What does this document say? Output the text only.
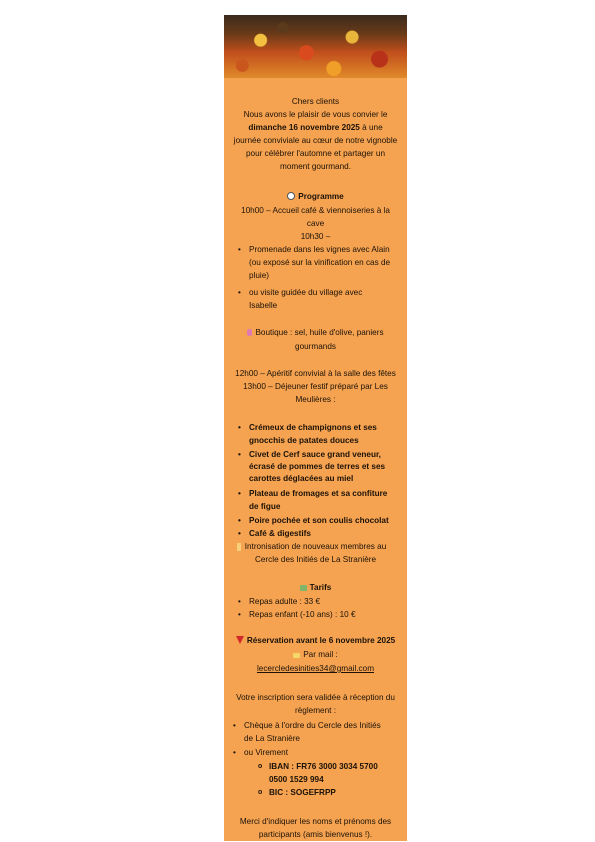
Chers clients
Nous avons le plaisir de vous convier le
dimanche 16 novembre 2025 à une
journée conviviale au cœur de notre vignoble
pour célébrer l'automne et partager un
moment gourmand.
Programme
10h00 – Accueil café & viennoiseries à la
cave
10h30 –
• Promenade dans les vignes avec Alain
(ou exposé sur la vinification en cas de
pluie)
• ou visite guidée du village avec
Isabelle
Boutique : sel, huile d'olive, paniers
gourmands
12h00 – Apéritif convivial à la salle des fêtes
13h00 – Déjeuner festif préparé par Les
Meulières :
• Crémeux de champignons et ses
gnocchis de patates douces
• Civet de Cerf sauce grand veneur,
écrasé de pommes de terres et ses
carottes déglacées au miel
• Plateau de fromages et sa confiture
de figue
• Poire pochée et son coulis chocolat
• Café & digestifs
Intronisation de nouveaux membres au
Cercle des Initiés de La Stranière
Tarifs
• Repas adulte : 33 €
• Repas enfant (-10 ans) : 10 €
Réservation avant le 6 novembre 2025
Par mail :
lecercledesinities34@gmail.com
Votre inscription sera validée à réception du
règlement :
• Chèque à l'ordre du Cercle des Initiés
de La Stranière
• ou Virement
o IBAN : FR76 3000 3034 5700
0500 1529 994
o BIC : SOGEFRPP
Merci d'indiquer les noms et prénoms des
participants (amis bienvenus !).
